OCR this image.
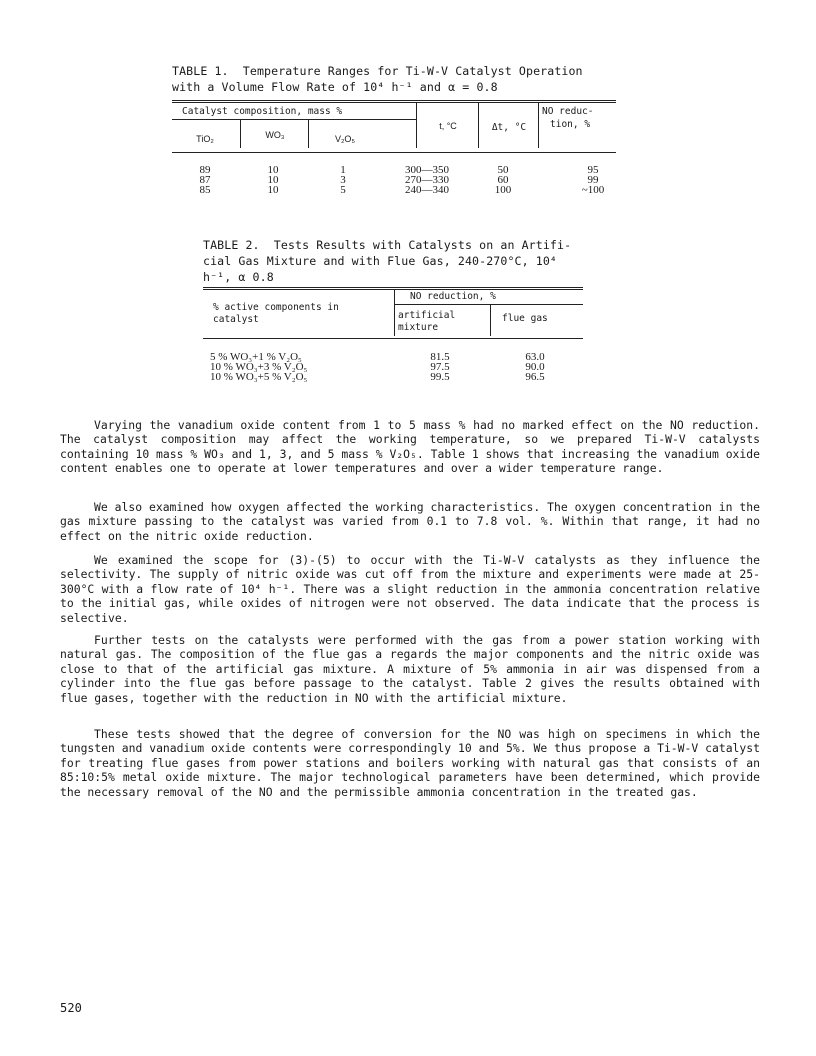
TABLE 1.  Temperature Ranges for Ti-W-V Catalyst Operation
with a Volume Flow Rate of 10⁴ h⁻¹ and α = 0.8
Catalyst composition, mass %
TiO₂	WO₃	V₂O₅
t, °C	Δt, °C
NO reduc-
tion, %
89	10	1	300—350	50	95
87	10	3	270—330	60	99
85	10	5	240—340	100	~100
TABLE 2.  Tests Results with Catalysts on an Artifi-
cial Gas Mixture and with Flue Gas, 240-270°C, 10⁴
h⁻¹, α 0.8
% active components in
catalyst
NO reduction, %
artificial
mixture
flue gas
5 % WO₃+1 % V₂O₅	81.5	63.0
10 % WO₃+3 % V₂O₅	97.5	90.0
10 % WO₃+5 % V₂O₅	99.5	96.5

Varying the vanadium oxide content from 1 to 5 mass % had no marked effect on the NO reduction. The catalyst composition may affect the working temperature, so we prepared Ti-W-V catalysts containing 10 mass % WO₃ and 1, 3, and 5 mass % V₂O₅. Table 1 shows that increasing the vanadium oxide content enables one to operate at lower temperatures and over a wider temperature range.

We also examined how oxygen affected the working characteristics. The oxygen concentration in the gas mixture passing to the catalyst was varied from 0.1 to 7.8 vol. %. Within that range, it had no effect on the nitric oxide reduction.

We examined the scope for (3)-(5) to occur with the Ti-W-V catalysts as they influence the selectivity. The supply of nitric oxide was cut off from the mixture and experiments were made at 25-300°C with a flow rate of 10⁴ h⁻¹. There was a slight reduction in the ammonia concentration relative to the initial gas, while oxides of nitrogen were not observed. The data indicate that the process is selective.

Further tests on the catalysts were performed with the gas from a power station working with natural gas. The composition of the flue gas a regards the major components and the nitric oxide was close to that of the artificial gas mixture. A mixture of 5% ammonia in air was dispensed from a cylinder into the flue gas before passage to the catalyst. Table 2 gives the results obtained with flue gases, together with the reduction in NO with the artificial mixture.

These tests showed that the degree of conversion for the NO was high on specimens in which the tungsten and vanadium oxide contents were correspondingly 10 and 5%. We thus propose a Ti-W-V catalyst for treating flue gases from power stations and boilers working with natural gas that consists of an 85:10:5% metal oxide mixture. The major technological parameters have been determined, which provide the necessary removal of the NO and the permissible ammonia concentration in the treated gas.

520
